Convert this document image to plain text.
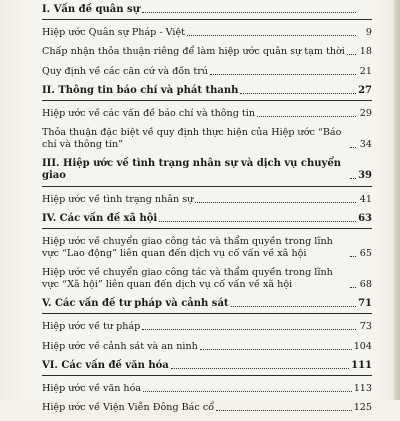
I. Vấn đề quân sự
Hiệp ước Quân sự Pháp - Việt	9
Chấp nhận thỏa thuận riêng để làm hiệp ước quân sự tạm thời 18
Quy định về các căn cứ và đồn trú	21
II. Thông tin báo chí và phát thanh	27
Hiệp ước về các vấn đề báo chí và thông tin	29
Thỏa thuận đặc biệt về quy định thực hiện của Hiệp ước “Báo chí và thông tin”	34
III. Hiệp ước về tình trạng nhân sự và dịch vụ chuyển giao	39
Hiệp ước về tình trạng nhân sự	41
IV. Các vấn đề xã hội	63
Hiệp ước về chuyển giao công tác và thẩm quyền trong lĩnh vực “Lao động” liên quan đến dịch vụ cố vấn về xã hội	65
Hiệp ước về chuyển giao công tác và thẩm quyền trong lĩnh vực “Xã hội” liên quan đến dịch vụ cố vấn về xã hội	68
V. Các vấn đề tư pháp và cảnh sát	71
Hiệp ước về tư pháp	73
Hiệp ước về cảnh sát và an ninh	104
VI. Các vấn đề văn hóa	111
Hiệp ước về văn hóa	113
Hiệp ước về Viện Viễn Đông Bác cổ	125
